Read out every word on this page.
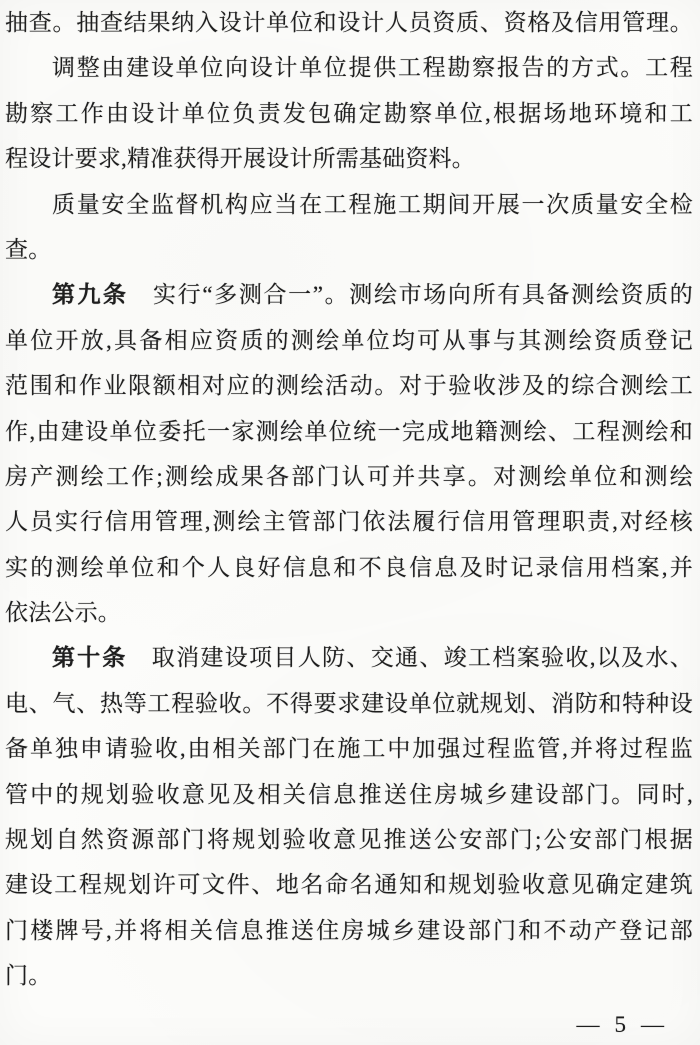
抽查。抽查结果纳入设计单位和设计人员资质、资格及信用管理。
调整由建设单位向设计单位提供工程勘察报告的方式。工程
勘察工作由设计单位负责发包确定勘察单位,根据场地环境和工
程设计要求,精准获得开展设计所需基础资料。
质量安全监督机构应当在工程施工期间开展一次质量安全检
查。
第九条　实行“多测合一”。测绘市场向所有具备测绘资质的
单位开放,具备相应资质的测绘单位均可从事与其测绘资质登记
范围和作业限额相对应的测绘活动。对于验收涉及的综合测绘工
作,由建设单位委托一家测绘单位统一完成地籍测绘、工程测绘和
房产测绘工作;测绘成果各部门认可并共享。对测绘单位和测绘
人员实行信用管理,测绘主管部门依法履行信用管理职责,对经核
实的测绘单位和个人良好信息和不良信息及时记录信用档案,并
依法公示。
第十条　取消建设项目人防、交通、竣工档案验收,以及水、
电、气、热等工程验收。不得要求建设单位就规划、消防和特种设
备单独申请验收,由相关部门在施工中加强过程监管,并将过程监
管中的规划验收意见及相关信息推送住房城乡建设部门。同时,
规划自然资源部门将规划验收意见推送公安部门;公安部门根据
建设工程规划许可文件、地名命名通知和规划验收意见确定建筑
门楼牌号,并将相关信息推送住房城乡建设部门和不动产登记部
门。
— 5 —
